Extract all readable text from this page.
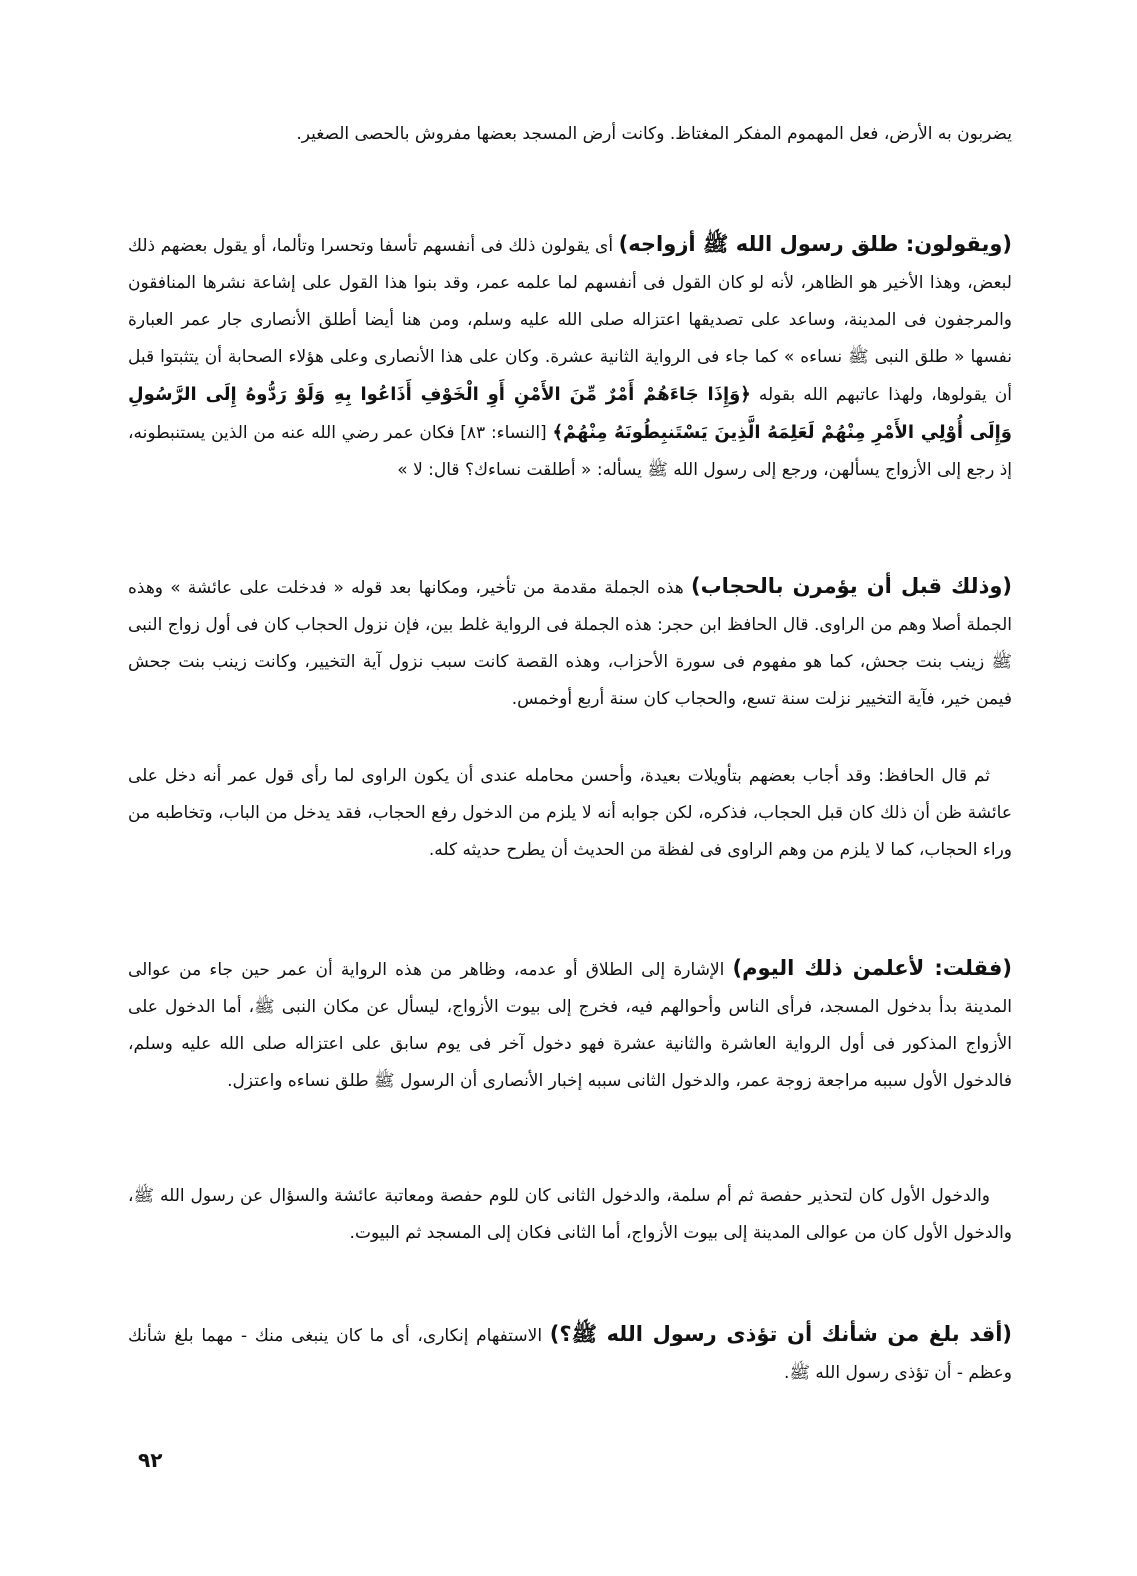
يضربون به الأرض، فعل المهموم المفكر المغتاظ. وكانت أرض المسجد بعضها مفروش بالحصى الصغير.

(ويقولون: طلق رسول الله ﷺ أزواجه) أى يقولون ذلك فى أنفسهم تأسفا وتحسرا وتألما، أو يقول بعضهم ذلك لبعض، وهذا الأخير هو الظاهر، لأنه لو كان القول فى أنفسهم لما علمه عمر، وقد بنوا هذا القول على إشاعة نشرها المنافقون والمرجفون فى المدينة، وساعد على تصديقها اعتزاله صلى الله عليه وسلم، ومن هنا أيضا أطلق الأنصارى جار عمر العبارة نفسها « طلق النبى ﷺ نساءه » كما جاء فى الرواية الثانية عشرة. وكان على هذا الأنصارى وعلى هؤلاء الصحابة أن يتثبتوا قبل أن يقولوها، ولهذا عاتبهم الله بقوله ﴿وَإِذَا جَاءَهُمْ أَمْرٌ مِّنَ الأَمْنِ أَوِ الْخَوْفِ أَذَاعُوا بِهِ وَلَوْ رَدُّوهُ إِلَى الرَّسُولِ وَإِلَى أُوْلِي الأَمْرِ مِنْهُمْ لَعَلِمَهُ الَّذِينَ يَسْتَنبِطُونَهُ مِنْهُمْ﴾ [النساء: ٨٣] فكان عمر رضي الله عنه من الذين يستنبطونه، إذ رجع إلى الأزواج يسألهن، ورجع إلى رسول الله ﷺ يسأله: « أطلقت نساءك؟ قال: لا »

(وذلك قبل أن يؤمرن بالحجاب) هذه الجملة مقدمة من تأخير، ومكانها بعد قوله « فدخلت على عائشة » وهذه الجملة أصلا وهم من الراوى. قال الحافظ ابن حجر: هذه الجملة فى الرواية غلط بين، فإن نزول الحجاب كان فى أول زواج النبى ﷺ زينب بنت جحش، كما هو مفهوم فى سورة الأحزاب، وهذه القصة كانت سبب نزول آية التخيير، وكانت زينب بنت جحش فيمن خير، فآية التخيير نزلت سنة تسع، والحجاب كان سنة أربع أوخمس.

ثم قال الحافظ: وقد أجاب بعضهم بتأويلات بعيدة، وأحسن محامله عندى أن يكون الراوى لما رأى قول عمر أنه دخل على عائشة ظن أن ذلك كان قبل الحجاب، فذكره، لكن جوابه أنه لا يلزم من الدخول رفع الحجاب، فقد يدخل من الباب، وتخاطبه من وراء الحجاب، كما لا يلزم من وهم الراوى فى لفظة من الحديث أن يطرح حديثه كله.

(فقلت: لأعلمن ذلك اليوم) الإشارة إلى الطلاق أو عدمه، وظاهر من هذه الرواية أن عمر حين جاء من عوالى المدينة بدأ بدخول المسجد، فرأى الناس وأحوالهم فيه، فخرج إلى بيوت الأزواج، ليسأل عن مكان النبى ﷺ، أما الدخول على الأزواج المذكور فى أول الرواية العاشرة والثانية عشرة فهو دخول آخر فى يوم سابق على اعتزاله صلى الله عليه وسلم، فالدخول الأول سببه مراجعة زوجة عمر، والدخول الثانى سببه إخبار الأنصارى أن الرسول ﷺ طلق نساءه واعتزل.

والدخول الأول كان لتحذير حفصة ثم أم سلمة، والدخول الثانى كان للوم حفصة ومعاتبة عائشة والسؤال عن رسول الله ﷺ، والدخول الأول كان من عوالى المدينة إلى بيوت الأزواج، أما الثانى فكان إلى المسجد ثم البيوت.

(أقد بلغ من شأنك أن تؤذى رسول الله ﷺ؟) الاستفهام إنكارى، أى ما كان ينبغى منك - مهما بلغ شأنك وعظم - أن تؤذى رسول الله ﷺ.

٩٢
